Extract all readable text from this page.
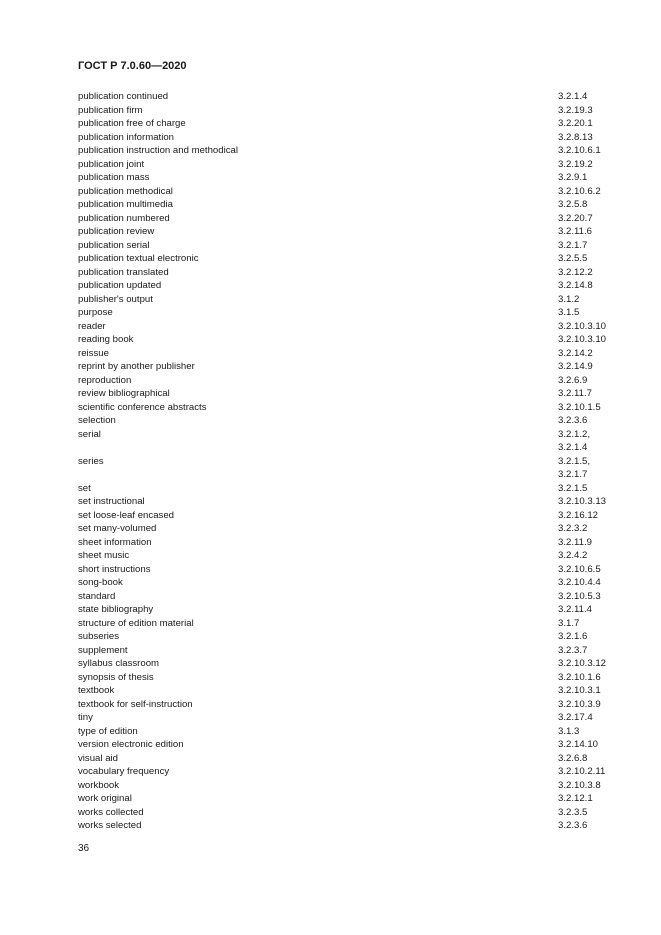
ГОСТ Р 7.0.60—2020
publication continued	3.2.1.4
publication firm	3.2.19.3
publication free of charge	3.2.20.1
publication information	3.2.8.13
publication instruction and methodical	3.2.10.6.1
publication joint	3.2.19.2
publication mass	3.2.9.1
publication methodical	3.2.10.6.2
publication multimedia	3.2.5.8
publication numbered	3.2.20.7
publication review	3.2.11.6
publication serial	3.2.1.7
publication textual electronic	3.2.5.5
publication translated	3.2.12.2
publication updated	3.2.14.8
publisher's output	3.1.2
purpose	3.1.5
reader	3.2.10.3.10
reading book	3.2.10.3.10
reissue	3.2.14.2
reprint by another publisher	3.2.14.9
reproduction	3.2.6.9
review bibliographical	3.2.11.7
scientific conference abstracts	3.2.10.1.5
selection	3.2.3.6
serial	3.2.1.2,
3.2.1.4
series	3.2.1.5,
3.2.1.7
set	3.2.1.5
set instructional	3.2.10.3.13
set loose-leaf encased	3.2.16.12
set many-volumed	3.2.3.2
sheet information	3.2.11.9
sheet music	3.2.4.2
short instructions	3.2.10.6.5
song-book	3.2.10.4.4
standard	3.2.10.5.3
state bibliography	3.2.11.4
structure of edition material	3.1.7
subseries	3.2.1.6
supplement	3.2.3.7
syllabus classroom	3.2.10.3.12
synopsis of thesis	3.2.10.1.6
textbook	3.2.10.3.1
textbook for self-instruction	3.2.10.3.9
tiny	3.2.17.4
type of edition	3.1.3
version electronic edition	3.2.14.10
visual aid	3.2.6.8
vocabulary frequency	3.2.10.2.11
workbook	3.2.10.3.8
work original	3.2.12.1
works collected	3.2.3.5
works selected	3.2.3.6
36
